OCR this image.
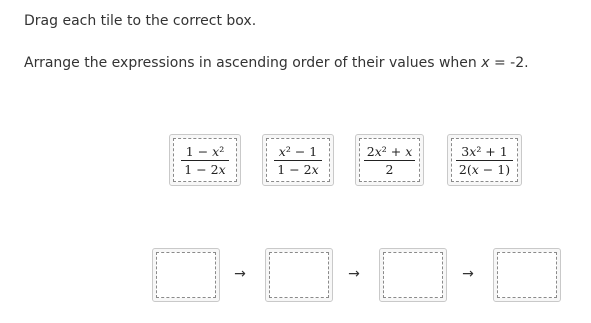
Drag each tile to the correct box.
Arrange the expressions in ascending order of their values when x = -2.
$\frac{\text{1 − x²}}{1 - 2x}$	$\frac{\text{x² − 1}}{1 - 2x}$	$\frac{\text{2x² + x}}{2}$	$\frac{\text{3x² + 1}}{2(x - 1)}$
→	→	→
